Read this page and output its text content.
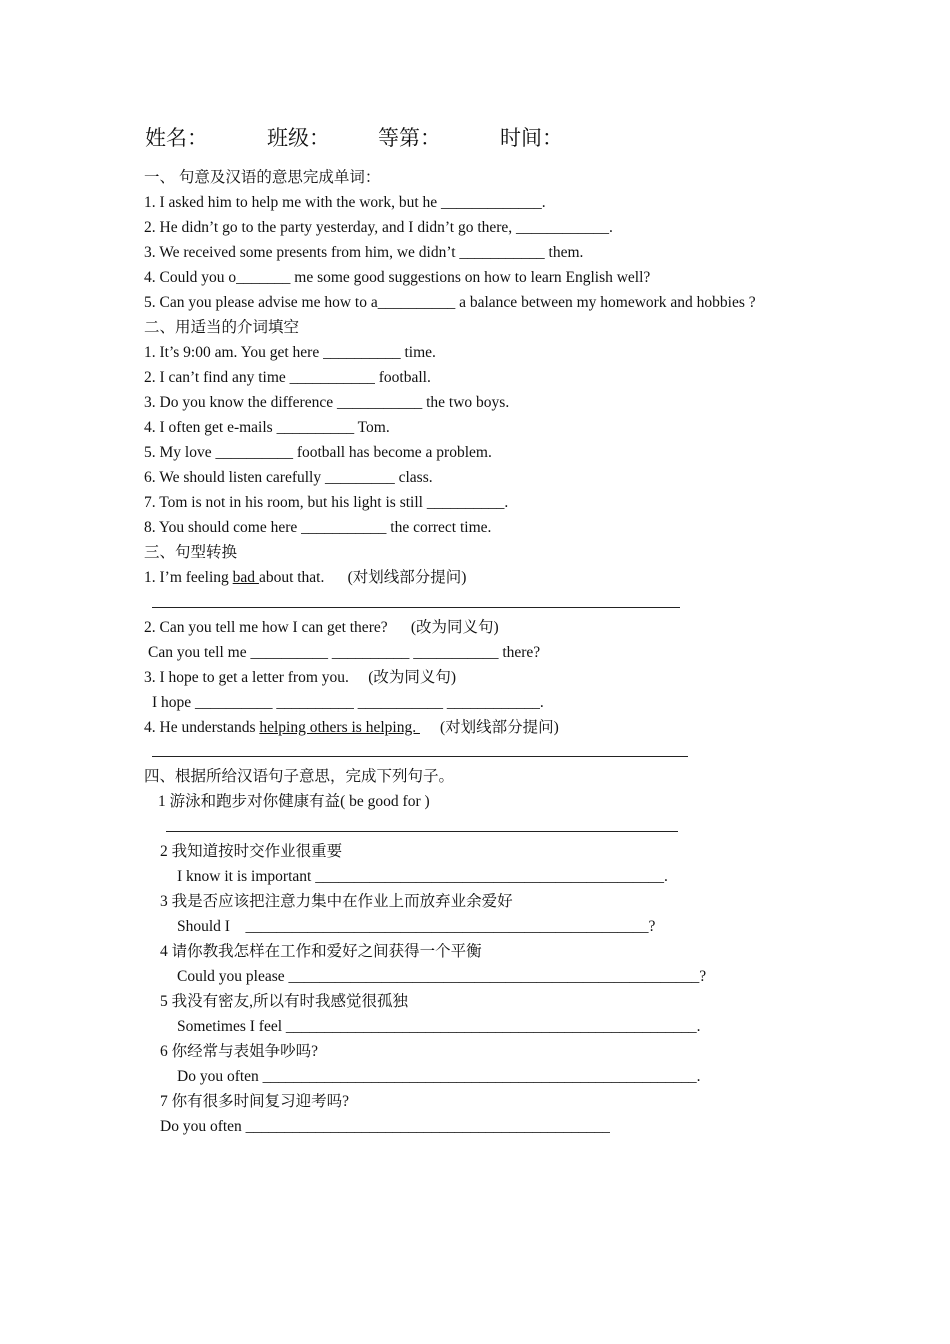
姓名：	班级： 等第：	时间：
一、 句意及汉语的意思完成单词：
1. I asked him to help me with the work, but he _____________.
2. He didn’t go to the party yesterday, and I didn’t go there, ____________.
3. We received some presents from him, we didn’t ___________ them.
4. Could you o_______ me some good suggestions on how to learn English well?
5. Can you please advise me how to a__________ a balance between my homework and hobbies ?
二、用适当的介词填空
1. It’s 9:00 am. You get here __________ time.
2. I can’t find any time ___________ football.
3. Do you know the difference ___________ the two boys.
4. I often get e-mails __________ Tom.
5. My love __________ football has become a problem.
6. We should listen carefully _________ class.
7. Tom is not in his room, but his light is still __________.
8. You should come here ___________ the correct time.
三、句型转换
1. I’m feeling bad about that.      (对划线部分提问)
2. Can you tell me how I can get there?      (改为同义句)
Can you tell me __________ __________ ___________ there?
3. I hope to get a letter from you.     (改为同义句)
I hope __________ __________ ___________ ____________.
4. He understands helping others is helping. (对划线部分提问)
四、根据所给汉语句子意思，完成下列句子。
1 游泳和跑步对你健康有益( be good for )
2 我知道按时交作业很重要
I know it is important _____________________________________________.
3 我是否应该把注意力集中在作业上而放弃业余爱好
Should I    ____________________________________________________?
4 请你教我怎样在工作和爱好之间获得一个平衡
Could you please _____________________________________________________?
5 我没有密友,所以有时我感觉很孤独
Sometimes I feel _____________________________________________________.
6 你经常与表姐争吵吗?
Do you often ________________________________________________________.
7 你有很多时间复习迎考吗?
Do you often _______________________________________________
